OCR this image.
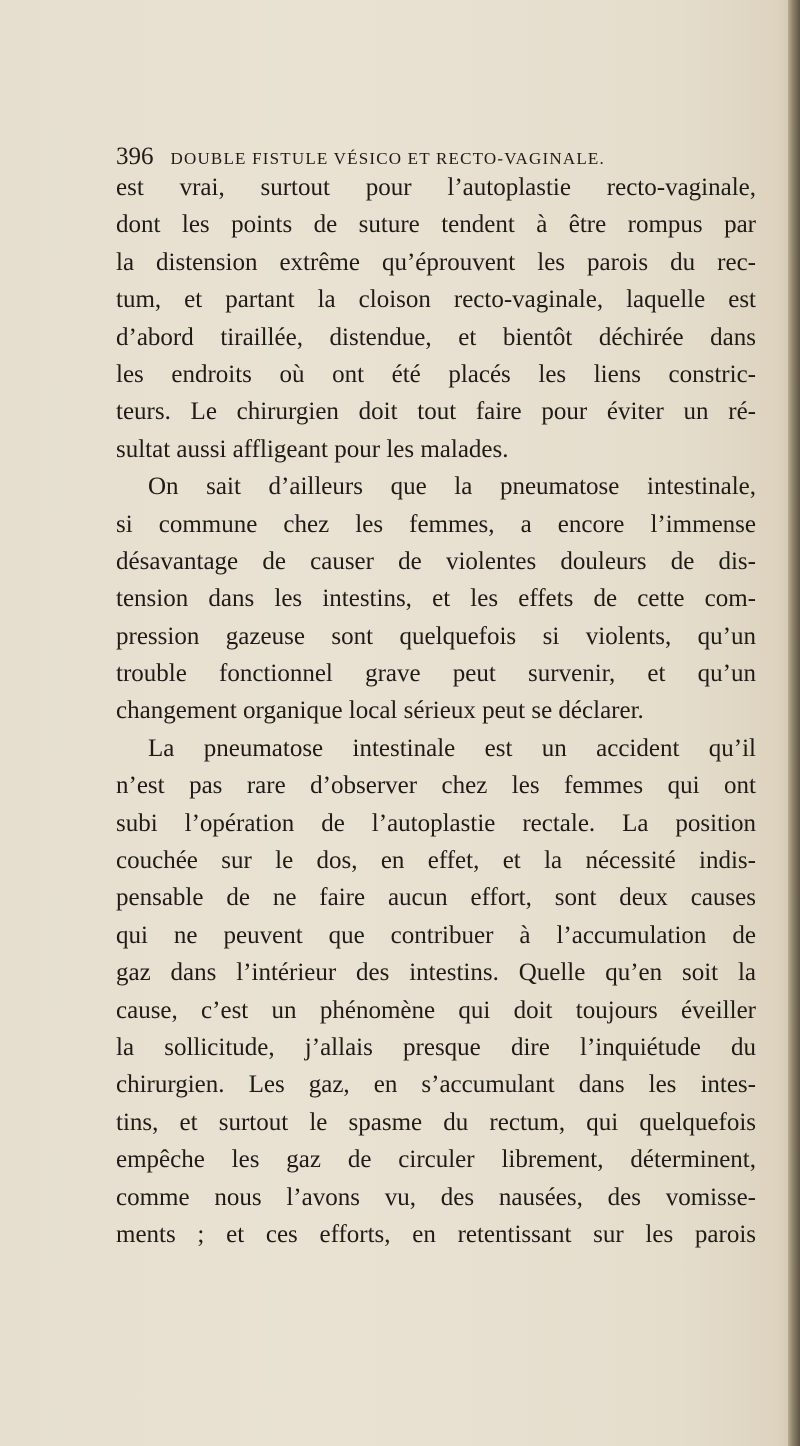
396 DOUBLE FISTULE VÉSICO ET RECTO-VAGINALE.
est vrai, surtout pour l’autoplastie recto-vaginale,
dont les points de suture tendent à être rompus par
la distension extrême qu’éprouvent les parois du rec-
tum, et partant la cloison recto-vaginale, laquelle est
d’abord tiraillée, distendue, et bientôt déchirée dans
les endroits où ont été placés les liens constric-
teurs. Le chirurgien doit tout faire pour éviter un ré-
sultat aussi affligeant pour les malades.
On sait d’ailleurs que la pneumatose intestinale,
si commune chez les femmes, a encore l’immense
désavantage de causer de violentes douleurs de dis-
tension dans les intestins, et les effets de cette com-
pression gazeuse sont quelquefois si violents, qu’un
trouble fonctionnel grave peut survenir, et qu’un
changement organique local sérieux peut se déclarer.
La pneumatose intestinale est un accident qu’il
n’est pas rare d’observer chez les femmes qui ont
subi l’opération de l’autoplastie rectale. La position
couchée sur le dos, en effet, et la nécessité indis-
pensable de ne faire aucun effort, sont deux causes
qui ne peuvent que contribuer à l’accumulation de
gaz dans l’intérieur des intestins. Quelle qu’en soit la
cause, c’est un phénomène qui doit toujours éveiller
la sollicitude, j’allais presque dire l’inquiétude du
chirurgien. Les gaz, en s’accumulant dans les intes-
tins, et surtout le spasme du rectum, qui quelquefois
empêche les gaz de circuler librement, déterminent,
comme nous l’avons vu, des nausées, des vomisse-
ments ; et ces efforts, en retentissant sur les parois
